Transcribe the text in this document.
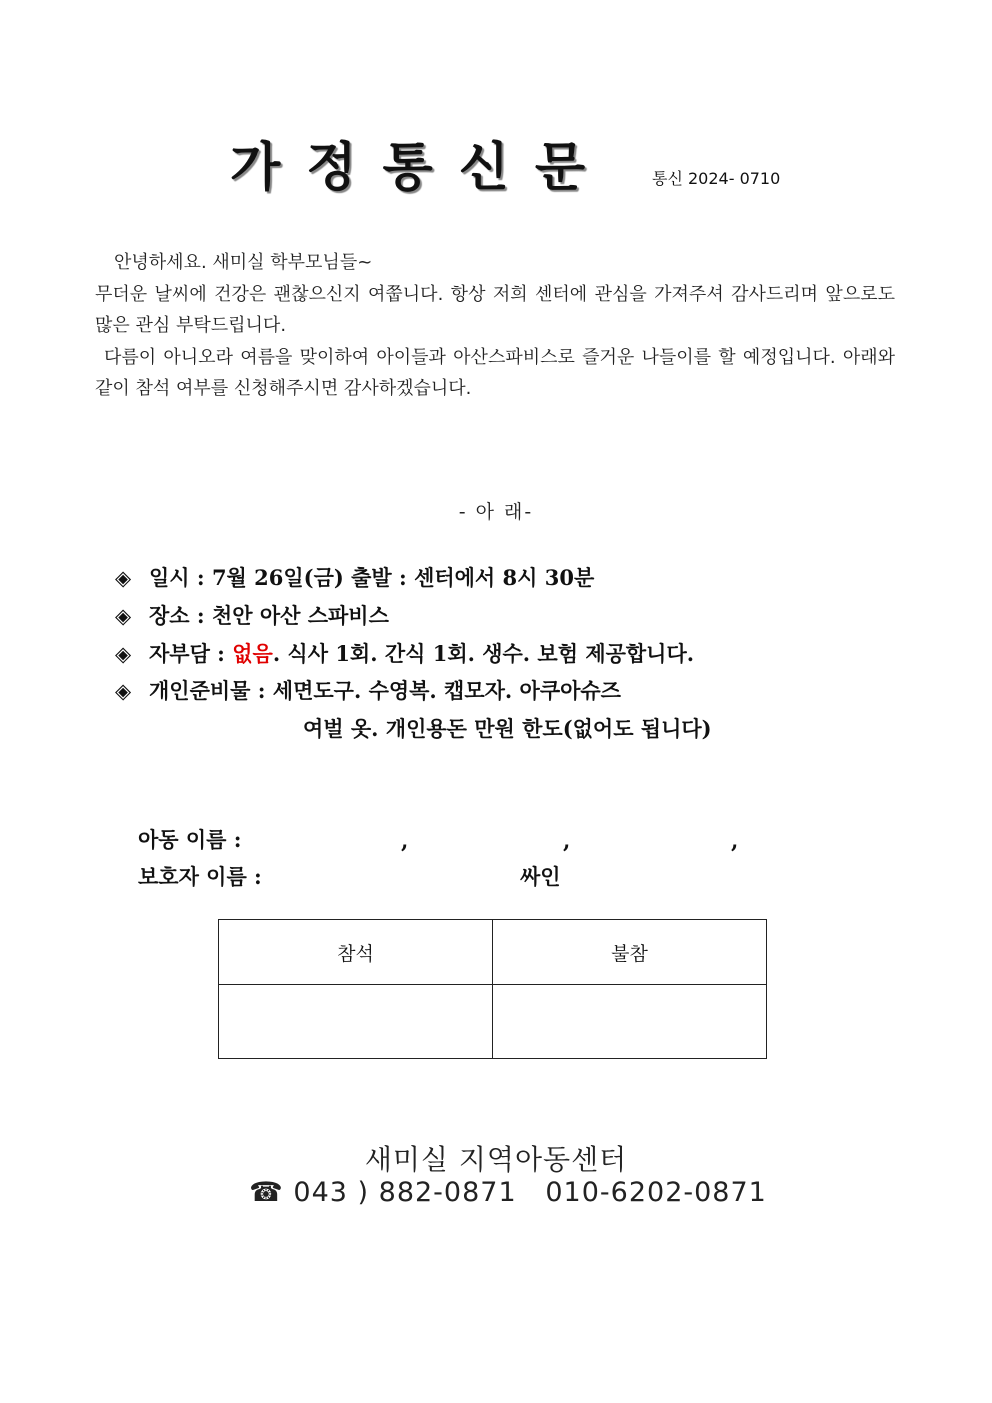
가정통신문	통신 2024- 0710
안녕하세요. 새미실 학부모님들~
무더운 날씨에 건강은 괜찮으신지 여쭙니다. 항상 저희 센터에 관심을 가져주셔 감사드리며 앞으로도 많은 관심 부탁드립니다.
다름이 아니오라 여름을 맞이하여 아이들과 아산스파비스로 즐거운 나들이를 할 예정입니다. 아래와 같이 참석 여부를 신청해주시면 감사하겠습니다.
- 아 래-
◈ 일시 : 7월 26일(금) 출발 : 센터에서 8시 30분
◈ 장소 : 천안 아산 스파비스
◈ 자부담 : 없음. 식사 1회. 간식 1회. 생수. 보험 제공합니다.
◈ 개인준비물 : 세면도구. 수영복. 캡모자. 아쿠아슈즈
여벌 옷. 개인용돈 만원 한도(없어도 됩니다)
아동 이름 :	,	,	,
보호자 이름 :	싸인
참석	불참

새미실 지역아동센터
☎ 043 ) 882-0871   010-6202-0871
